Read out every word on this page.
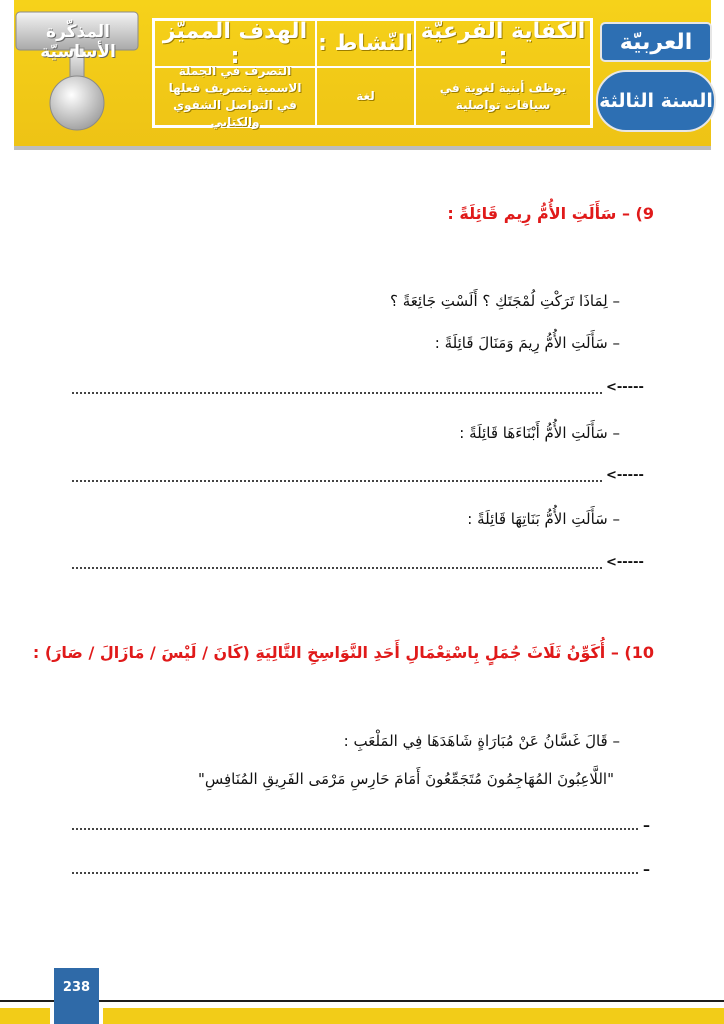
المذكّرة الأساسيّة
الهدف المميّز :
التصرف في الجملة الاسمية بتصريف فعلها في التواصل الشفوي والكتابي
النّشاط :
لغة
الكفاية الفرعيّة :
يوظف أبنية لغوية في سياقات تواصلية
العربيّة
السنة الثالثة
9) – سَأَلَتِ الأُمُّ رِيم قَائِلَةً :
– لِمَاذَا تَرَكْتِ لُمْجَتَكِ ؟ أَلَسْتِ جَائِعَةً ؟
– سَأَلَتِ الأُمُّ رِيمَ وَمَنَالَ قَائِلَةً :
<-----
– سَأَلَتِ الأُمُّ أَبْنَاءَهَا قَائِلَةً :
<-----
– سَأَلَتِ الأُمُّ بَنَاتِهَا قَائِلَةً :
<-----
10) – أُكَوِّنُ ثَلَاثَ جُمَلٍ بِاسْتِعْمَالِ أَحَدِ النَّوَاسِخِ التَّالِيَةِ (كَانَ / لَيْسَ / مَازَالَ / صَارَ) :
– قَالَ غَسَّانُ عَنْ مُبَارَاةٍ شَاهَدَهَا فِي المَلْعَبِ :
"اللَّاعِبُونَ المُهَاجِمُونَ مُتَجَمِّعُونَ أَمَامَ حَارِسِ مَرْمَى الفَرِيقِ المُنَافِسِ"
–
–
238
